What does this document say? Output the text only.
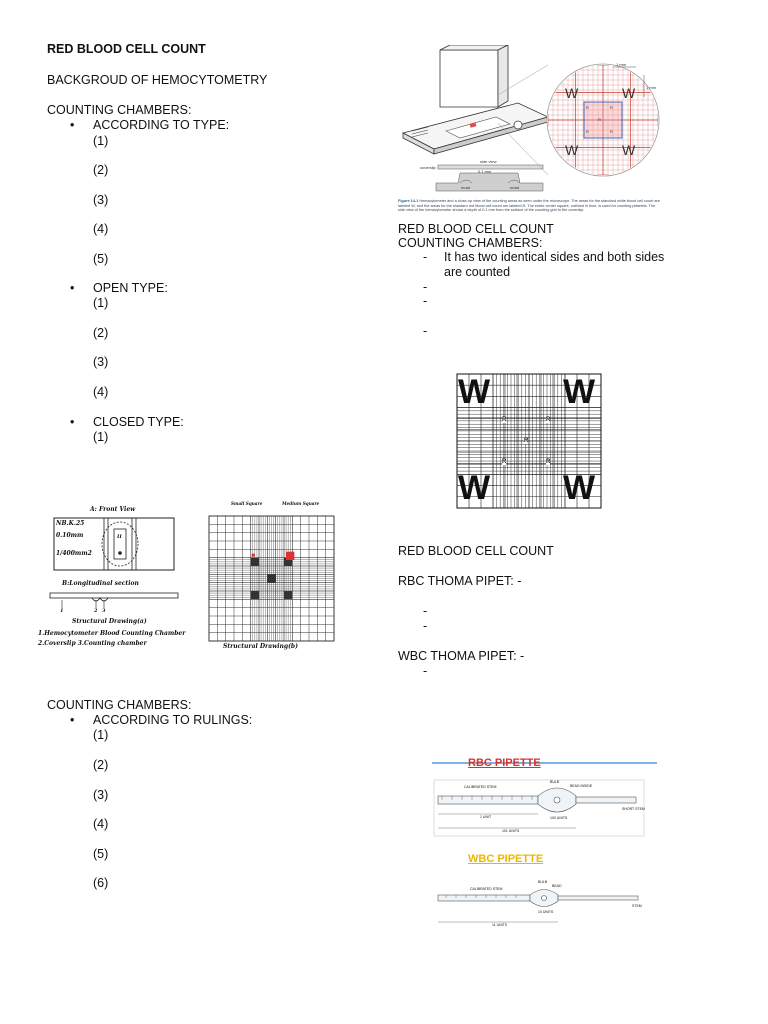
RED BLOOD CELL COUNT
BACKGROUD OF HEMOCYTOMETRY
COUNTING CHAMBERS:
• ACCORDING TO TYPE:
(1)
(2)
(3)
(4)
(5)
• OPEN TYPE:
(1)
(2)
(3)
(4)
• CLOSED TYPE:
(1)
A: Front View
NB.K.25
0.10mm
1/400mm2
II
B:Longitudinal section
1	2 3
Structural Drawing(a)
1.Hemocytometer Blood Counting Chamber
2.Coverslip 3.Counting chamber
Small Square	Medium Square
Structural Drawing(b)
COUNTING CHAMBERS:
• ACCORDING TO RULINGS:
(1)
(2)
(3)
(4)
(5)
(6)
1 mm
1 mm
W	W
W	W
R	R
R
R	R
side view
coverslip
0.1 mm
moat	moat
Figure 14-1 Hemacytometer and a close-up view of the counting areas as seen under the microscope. The areas for the standard white blood cell count are labeled W, and the areas for the standard red blood cell count are labeled R. The entire center square, outlined in blue, is used for counting platelets. The side view of the hemacytometer shows a depth of 0.1 mm from the surface of the counting grid to the coverslip.
RED BLOOD CELL COUNT
COUNTING CHAMBERS:
- It has two identical sides and both sides
are counted
-
-
-
W W
W W
R	R
R
R	R
RED BLOOD CELL COUNT
RBC THOMA PIPET: -
-
-
WBC THOMA PIPET: -
-
RBC PIPETTE
CALIBRATED STEM
BULB
BEAD INSIDE
SHORT STEM
1 UNIT	100 UNITS
101 UNITS
WBC PIPETTE
CALIBRATED STEM
BULB
BEAD
10 UNITS
11 UNITS
STEM
